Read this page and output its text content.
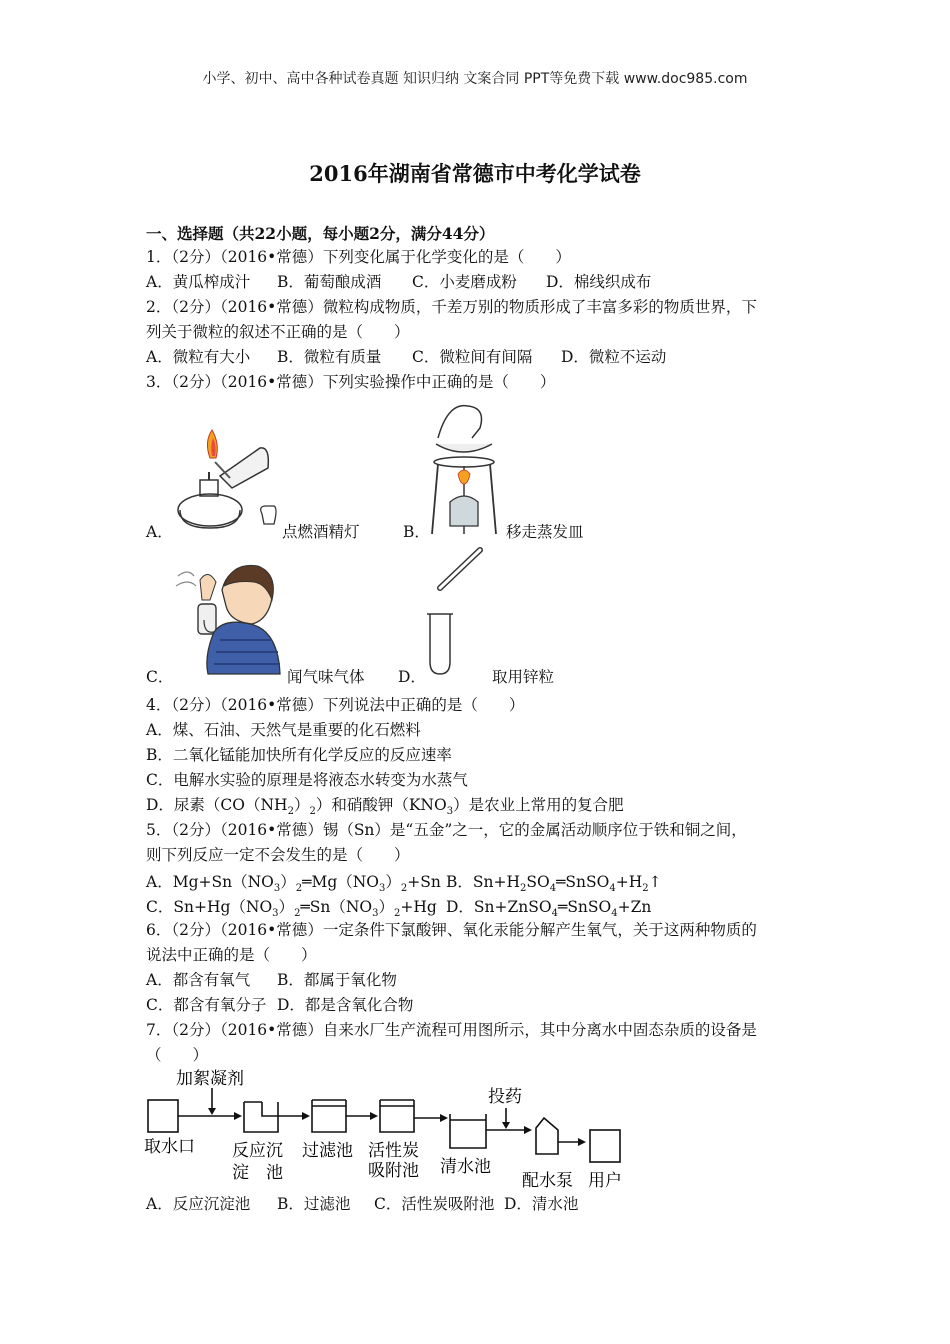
小学、初中、高中各种试卷真题 知识归纳 文案合同 PPT等免费下载 www.doc985.com
2016年湖南省常德市中考化学试卷
一、选择题（共22小题，每小题2分，满分44分）
1．（2分）（2016•常德）下列变化属于化学变化的是（　　）
A．黄瓜榨成汁 B．葡萄酿成酒 C．小麦磨成粉 D．棉线织成布
2．（2分）（2016•常德）微粒构成物质，千差万别的物质形成了丰富多彩的物质世界，下
列关于微粒的叙述不正确的是（　　）
A．微粒有大小 B．微粒有质量 C．微粒间有间隔 D．微粒不运动
3．（2分）（2016•常德）下列实验操作中正确的是（　　）
A．	点燃酒精灯	B．	移走蒸发皿
C．	闻气味气体 D．	取用锌粒
4．（2分）（2016•常德）下列说法中正确的是（　　）
A．煤、石油、天然气是重要的化石燃料
B．二氧化锰能加快所有化学反应的反应速率
C．电解水实验的原理是将液态水转变为水蒸气
D．尿素$(CO(NH_2)_2)$和硝酸钾$(KNO_3)$是农业上常用的复合肥
5．（2分）（2016•常德）锡（Sn）是“五金”之一，它的金属活动顺序位于铁和铜之间，
则下列反应一定不会发生的是（　　）
A．$Mg+Sn(NO_3)_2═Mg(NO_3)_2+Sn$ B．$Sn+H_2SO_4═SnSO_4+H_2↑$
C．$Sn+Hg(NO_3)_2═Sn(NO_3)_2+Hg$ D．Sn+ZnSO$_4$═SnSO$_4$+Zn
6．（2分）（2016•常德）一定条件下氯酸钾、氧化汞能分解产生氧气，关于这两种物质的
说法中正确的是（　　）
A．都含有氧气 B．都属于氧化物
C．都含有氧分子 D．都是含氧化合物
7．（2分）（2016•常德）自来水厂生产流程可用图所示，其中分离水中固态杂质的设备是
（　　）
加絮凝剂
取水口 反应沉
淀　池
过滤池 活性炭
吸附池 清水池
投药
配水泵 用户
A．反应沉淀池 B．过滤池 C．活性炭吸附池 D．清水池
